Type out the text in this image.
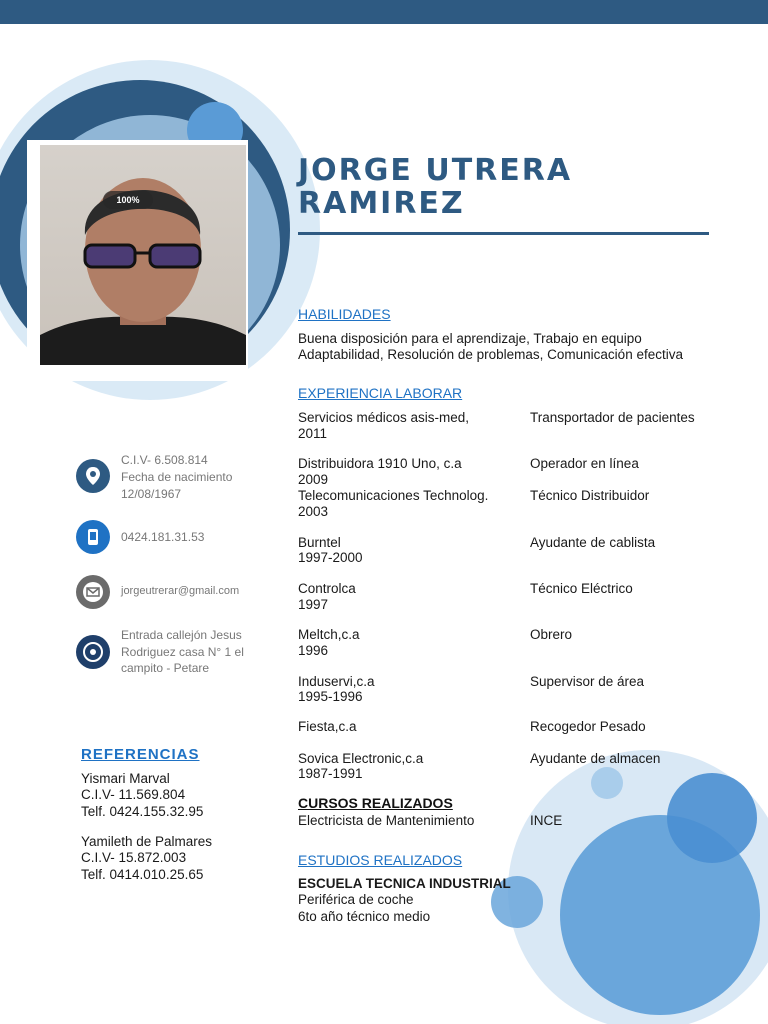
100%
JORGE UTRERA RAMIREZ
C.I.V- 6.508.814
Fecha de nacimiento
12/08/1967
0424.181.31.53
jorgeutrerar@gmail.com
Entrada callejón Jesus
Rodriguez casa N° 1 el
campito - Petare
REFERENCIAS
Yismari Marval
C.I.V- 11.569.804
Telf. 0424.155.32.95
Yamileth de Palmares
C.I.V- 15.872.003
Telf. 0414.010.25.65
HABILIDADES
Buena disposición para el aprendizaje, Trabajo en equipo
Adaptabilidad, Resolución de problemas, Comunicación efectiva
EXPERIENCIA LABORAR
Servicios médicos asis-med,
2011
Transportador de pacientes
Distribuidora 1910 Uno, c.a
2009
Operador en línea
Telecomunicaciones Technolog.
2003
Técnico Distribuidor
Burntel
1997-2000
Ayudante de cablista
Controlca
1997
Técnico Eléctrico
Meltch,c.a
1996
Obrero
Induservi,c.a
1995-1996
Supervisor de área
Fiesta,c.a	Recogedor Pesado
Sovica Electronic,c.a
1987-1991
Ayudante de almacen
CURSOS REALIZADOS
Electricista de Mantenimiento	INCE
ESTUDIOS REALIZADOS
ESCUELA TECNICA INDUSTRIAL
Periférica de coche
6to año técnico medio
